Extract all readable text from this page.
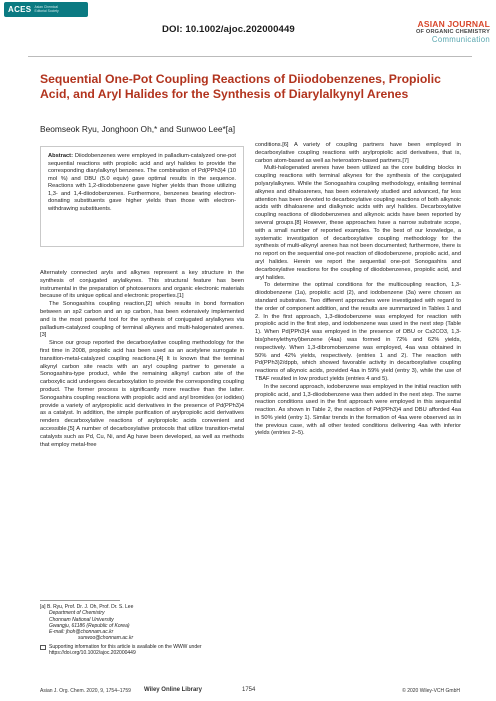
ACES Asian Chemical Editorial Society
DOI: 10.1002/ajoc.202000449	ASIAN JOURNAL
OF ORGANIC CHEMISTRY
Communication
Sequential One-Pot Coupling Reactions of Diiodobenzenes, Propiolic Acid, and Aryl Halides for the Synthesis of Diarylalkynyl Arenes
Beomseok Ryu, Jonghoon Oh,* and Sunwoo Lee*[a]
Abstract: Diiodobenzenes were employed in palladium-catalyzed one-pot sequential reactions with propiolic acid and aryl halides to provide the corresponding diarylalkynyl benzenes. The combination of Pd(PPh3)4 (10 mol %) and DBU (5.0 equiv) gave optimal results in the sequence. Reactions with 1,2-diiodobenzene gave higher yields than those utilizing 1,3- and 1,4-diiodobenzenes. Furthermore, benzenes bearing electron-donating substituents gave higher yields than those with electron-withdrawing substituents.

Alternately connected aryls and alkynes represent a key structure in the synthesis of conjugated arylalkynes. This structural feature has been instrumental in the preparation of photosensors and organic electronic materials because of its unique optical and electronic properties.[1]

The Sonogashira coupling reaction,[2] which results in bond formation between an sp2 carbon and an sp carbon, has been extensively implemented and is the most powerful tool for the synthesis of conjugated arylalkynes via palladium-catalyzed coupling of terminal alkynes and multi-halogenated arenes.[3]

Since our group reported the decarboxylative coupling methodology for the first time in 2008, propiolic acid has been used as an acetylene surrogate in transition-metal-catalyzed coupling reactions.[4] It is known that the terminal alkynyl carbon site reacts with an aryl coupling partner to generate a Sonogashira-type product, while the remaining alkynyl carbon site of the carboxylic acid undergoes decarboxylation to provide the corresponding coupling product. The former process is significantly more reactive than the latter. Sonogashira coupling reactions with propiolic acid and aryl bromides (or iodides) provide a variety of arylpropiolic acid derivatives in the presence of Pd(PPh3)4 as a catalyst. In addition, the simple purification of arylpropiolic acid derivatives renders decarboxylative reactions of arylpropiolic acids convenient and accessible.[5] A number of decarboxylative protocols that utilize transition-metal catalysts such as Pd, Cu, Ni, and Ag have been developed, as well as methods that employ metal-free

conditions.[6] A variety of coupling partners have been employed in decarboxylative coupling reactions with arylpropiolic acid derivatives, that is, carbon atom-based as well as heteroatom-based partners.[7]

Multi-halogenated arenes have been utilized as the core building blocks in coupling reactions with terminal alkynes for the synthesis of the conjugated polyarylalkynes. While the Sonogashira coupling methodology, entailing terminal alkynes and dihaloarenes, has been extensively studied and advanced, far less attention has been devoted to decarboxylative coupling reactions of both alkynoic acids with dihaloarene and dialkynoic acids with aryl halides. Decarboxylative coupling reactions of diiodobenzenes and alkynoic acids have been reported by several groups.[8] However, these approaches have a narrow substrate scope, with a small number of reported examples. To the best of our knowledge, a systematic investigation of decarboxylative coupling methodology for the synthesis of multi-alkynyl arenes has not been documented; furthermore, there is no report on the sequential one-pot reaction of diiodobenzene, propiolic acid, and aryl halides. Herein we report the sequential one-pot Sonogashira and decarboxylative reactions for the coupling of diiodobenzenes, propiolic acid, and aryl halides.

To determine the optimal conditions for the multicoupling reaction, 1,3-diiodobenzene (1a), propiolic acid (2), and iodobenzene (3a) were chosen as standard substrates. Two different approaches were investigated with regard to the order of component addition, and the results are summarized in Tables 1 and 2. In the first approach, 1,3-diiodobenzene was employed for reaction with propiolic acid in the first step, and iodobenzene was used in the next step (Table 1). When Pd(PPh3)4 was employed in the presence of DBU or Cs2CO3, 1,3-bis(phenylethynyl)benzene (4aa) was formed in 72% and 62% yields, respectively. When 1,3-dibromobenzene was employed, 4aa was obtained in 50% and 42% yields, respectively. (entries 1 and 2). The reaction with Pd(PPh3)2/dppb, which showed favorable activity in decarboxylative coupling reactions of alkynoic acids, provided 4aa in 59% yield (entry 3), while the use of TBAF resulted in low product yields (entries 4 and 5).

In the second approach, iodobenzene was employed in the initial reaction with propiolic acid, and 1,3-diiodobenzene was then added in the next step. The same reaction conditions used in the first approach were employed in this sequential reaction. As shown in Table 2, the reaction of Pd(PPh3)4 and DBU afforded 4aa in 50% yield (entry 1). Similar trends in the formation of 4aa were observed as in the previous case, with all other tested conditions delivering 4aa with inferior yields (entries 2–5).

[a] B. Ryu, Prof. Dr. J. Oh, Prof. Dr. S. Lee
Department of Chemistry
Chonnam National University
Gwangju, 61186 (Republic of Korea)
E-mail: jhoh@chonnam.ac.kr
sunwoo@chonnam.ac.kr
Supporting information for this article is available on the WWW under https://doi.org/10.1002/ajoc.202000449
Asian J. Org. Chem. 2020, 9, 1754–1759 Wiley Online Library	1754	© 2020 Wiley-VCH GmbH
